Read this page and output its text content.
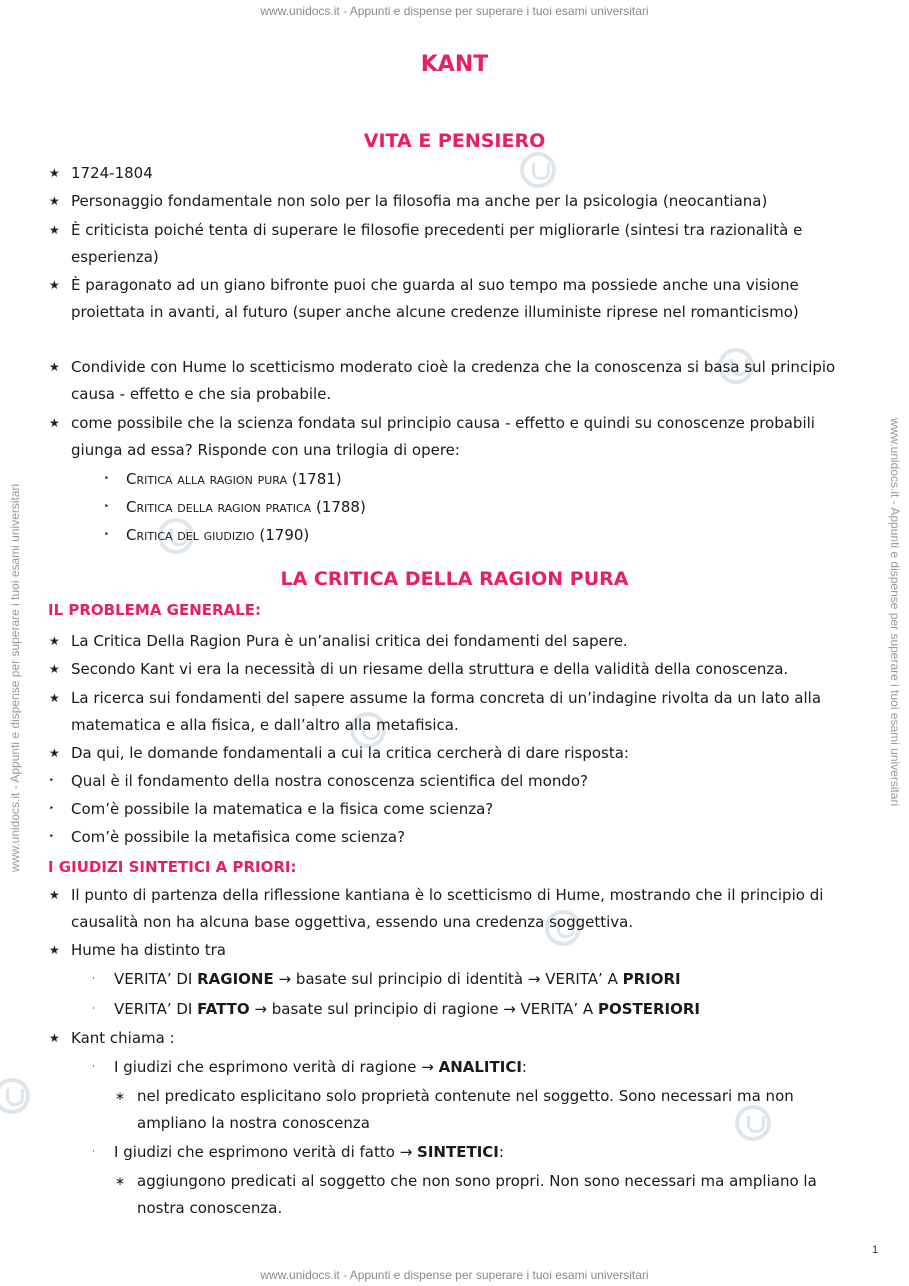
www.unidocs.it - Appunti e dispense per superare i tuoi esami universitari
www.unidocs.it - Appunti e dispense per superare i tuoi esami universitari
www.unidocs.it - Appunti e dispense per superare i tuoi esami universitari	www.unidocs.it - Appunti e dispense per superare i tuoi esami universitari
KANT
VITA E PENSIERO
★ 1724-1804
★ Personaggio fondamentale non solo per la filosofia ma anche per la psicologia (neocantiana)
★ È criticista poiché tenta di superare le filosofie precedenti per migliorarle (sintesi tra razionalità e esperienza)
★ È paragonato ad un giano bifronte puoi che guarda al suo tempo ma possiede anche una visione proiettata in avanti, al futuro (super anche alcune credenze illuministe riprese nel romanticismo)
★ Condivide con Hume lo scetticismo moderato cioè la credenza che la conoscenza si basa sul principio causa - effetto e che sia probabile.
★ come possibile che la scienza fondata sul principio causa - effetto e quindi su conoscenze probabili giunga ad essa? Risponde con una trilogia di opere:
‣ Critica alla ragion pura (1781)
‣ Critica della ragion pratica (1788)
‣ Critica del giudizio (1790)
LA CRITICA DELLA RAGION PURA
IL PROBLEMA GENERALE:
★ La Critica Della Ragion Pura è un’analisi critica dei fondamenti del sapere.
★ Secondo Kant vi era la necessità di un riesame della struttura e della validità della conoscenza.
★ La ricerca sui fondamenti del sapere assume la forma concreta di un’indagine rivolta da un lato alla matematica e alla fisica, e dall’altro alla metafisica.
★ Da qui, le domande fondamentali a cui la critica cercherà di dare risposta:
‣ Qual è il fondamento della nostra conoscenza scientifica del mondo?
‣ Com’è possibile la matematica e la fisica come scienza?
‣ Com’è possibile la metafisica come scienza?
I GIUDIZI SINTETICI A PRIORI:
★ Il punto di partenza della riflessione kantiana è lo scetticismo di Hume, mostrando che il principio di causalità non ha alcuna base oggettiva, essendo una credenza soggettiva.
★ Hume ha distinto tra
· VERITA’ DI RAGIONE → basate sul principio di identità → VERITA’ A PRIORI
· VERITA’ DI FATTO → basate sul principio di ragione → VERITA’ A POSTERIORI
★ Kant chiama :
· I giudizi che esprimono verità di ragione → ANALITICI:
∗ nel predicato esplicitano solo proprietà contenute nel soggetto. Sono necessari ma non ampliano la nostra conoscenza
· I giudizi che esprimono verità di fatto → SINTETICI:
∗ aggiungono predicati al soggetto che non sono propri. Non sono necessari ma ampliano la nostra conoscenza.
1
